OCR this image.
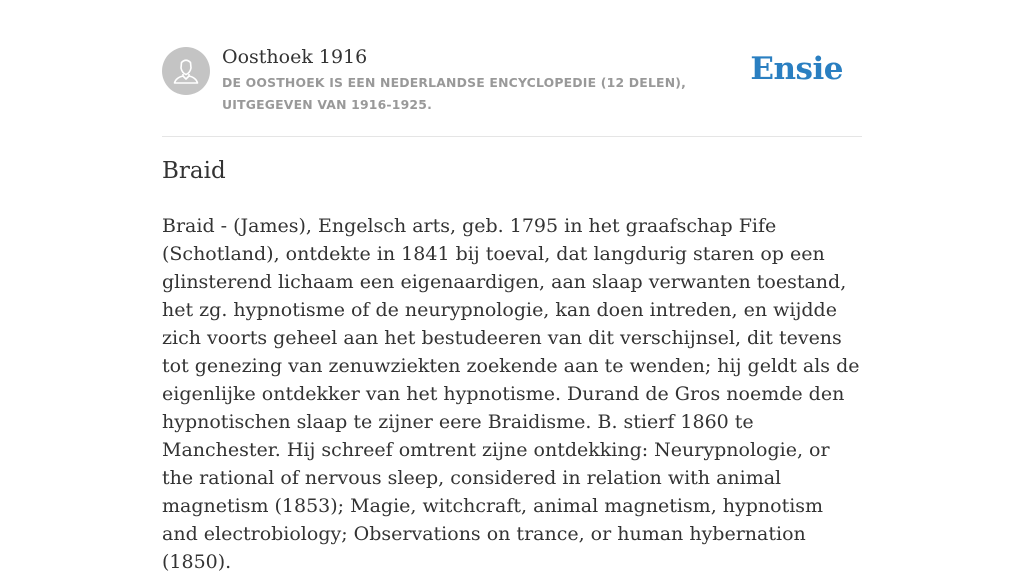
Oosthoek 1916
DE OOSTHOEK IS EEN NEDERLANDSE ENCYCLOPEDIE (12 DELEN), UITGEGEVEN VAN 1916-1925.
Ensie
Braid

Braid - (James), Engelsch arts, geb. 1795 in het graafschap Fife (Schotland), ontdekte in 1841 bij toeval, dat langdurig staren op een glinsterend lichaam een eigenaardigen, aan slaap verwanten toestand, het zg. hypnotisme of de neurypnologie, kan doen intreden, en wijdde zich voorts geheel aan het bestudeeren van dit verschijnsel, dit tevens tot genezing van zenuwziekten zoekende aan te wenden; hij geldt als de eigenlijke ontdekker van het hypnotisme. Durand de Gros noemde den hypnotischen slaap te zijner eere Braidisme. B. stierf 1860 te Manchester. Hij schreef omtrent zijne ontdekking: Neurypnologie, or the rational of nervous sleep, considered in relation with animal magnetism (1853); Magie, witchcraft, animal magnetism, hypnotism and electrobiology; Observations on trance, or human hybernation (1850).
